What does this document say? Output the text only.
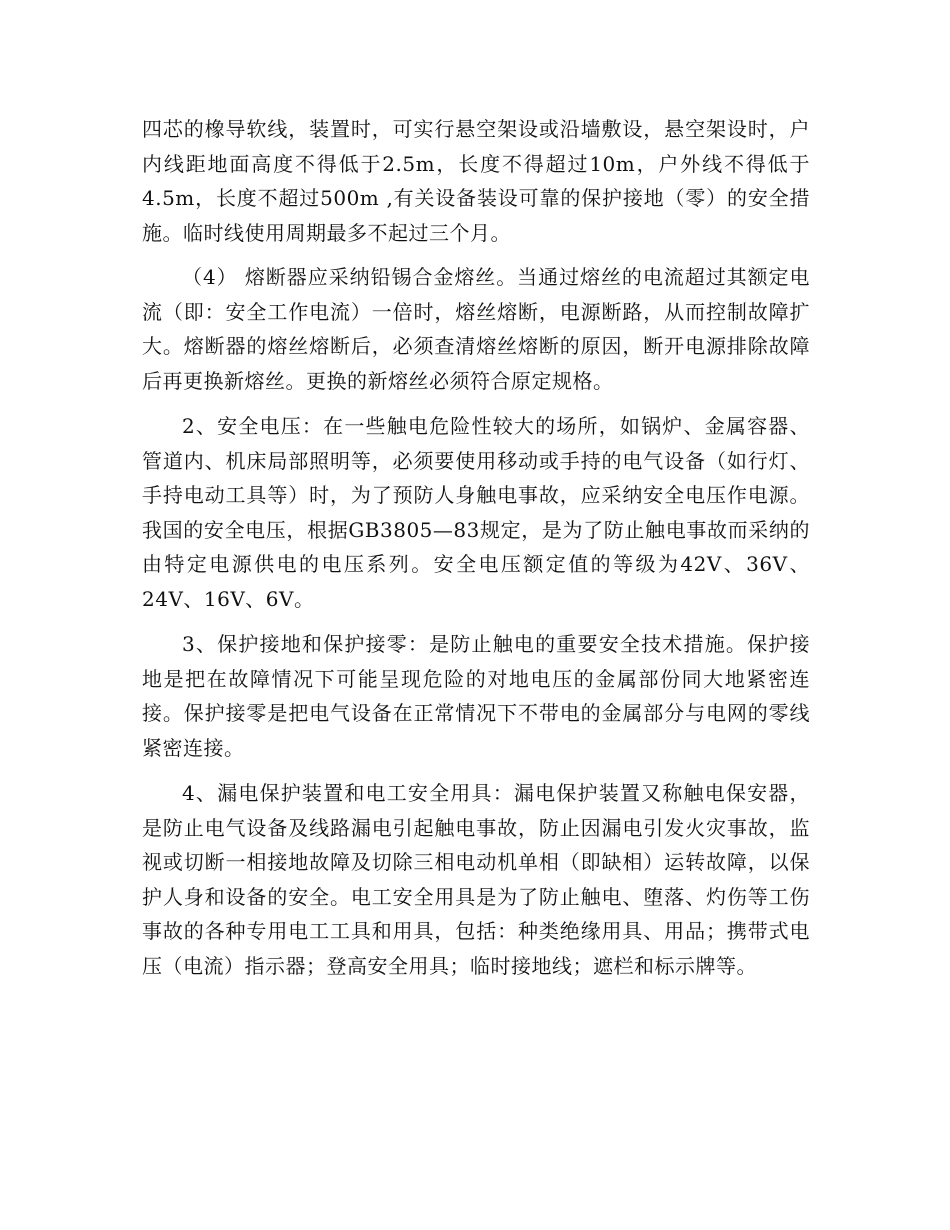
四芯的橡导软线，装置时，可实行悬空架设或沿墙敷设，悬空架设时，户内线距地面高度不得低于2.5m，长度不得超过10m，户外线不得低于4.5m，长度不超过500m ,有关设备装设可靠的保护接地（零）的安全措施。临时线使用周期最多不起过三个月。

（4） 熔断器应采纳铅锡合金熔丝。当通过熔丝的电流超过其额定电流（即：安全工作电流）一倍时，熔丝熔断，电源断路，从而控制故障扩大。熔断器的熔丝熔断后，必须查清熔丝熔断的原因，断开电源排除故障后再更换新熔丝。更换的新熔丝必须符合原定规格。

2、安全电压：在一些触电危险性较大的场所，如锅炉、金属容器、管道内、机床局部照明等，必须要使用移动或手持的电气设备（如行灯、手持电动工具等）时，为了预防人身触电事故，应采纳安全电压作电源。我国的安全电压，根据GB3805—83规定，是为了防止触电事故而采纳的由特定电源供电的电压系列。安全电压额定值的等级为42V、36V、24V、16V、6V。

3、保护接地和保护接零：是防止触电的重要安全技术措施。保护接地是把在故障情况下可能呈现危险的对地电压的金属部份同大地紧密连接。保护接零是把电气设备在正常情况下不带电的金属部分与电网的零线紧密连接。

4、漏电保护装置和电工安全用具：漏电保护装置又称触电保安器，是防止电气设备及线路漏电引起触电事故，防止因漏电引发火灾事故，监视或切断一相接地故障及切除三相电动机单相（即缺相）运转故障，以保护人身和设备的安全。电工安全用具是为了防止触电、堕落、灼伤等工伤事故的各种专用电工工具和用具，包括：种类绝缘用具、用品；携带式电压（电流）指示器；登高安全用具；临时接地线；遮栏和标示牌等。
